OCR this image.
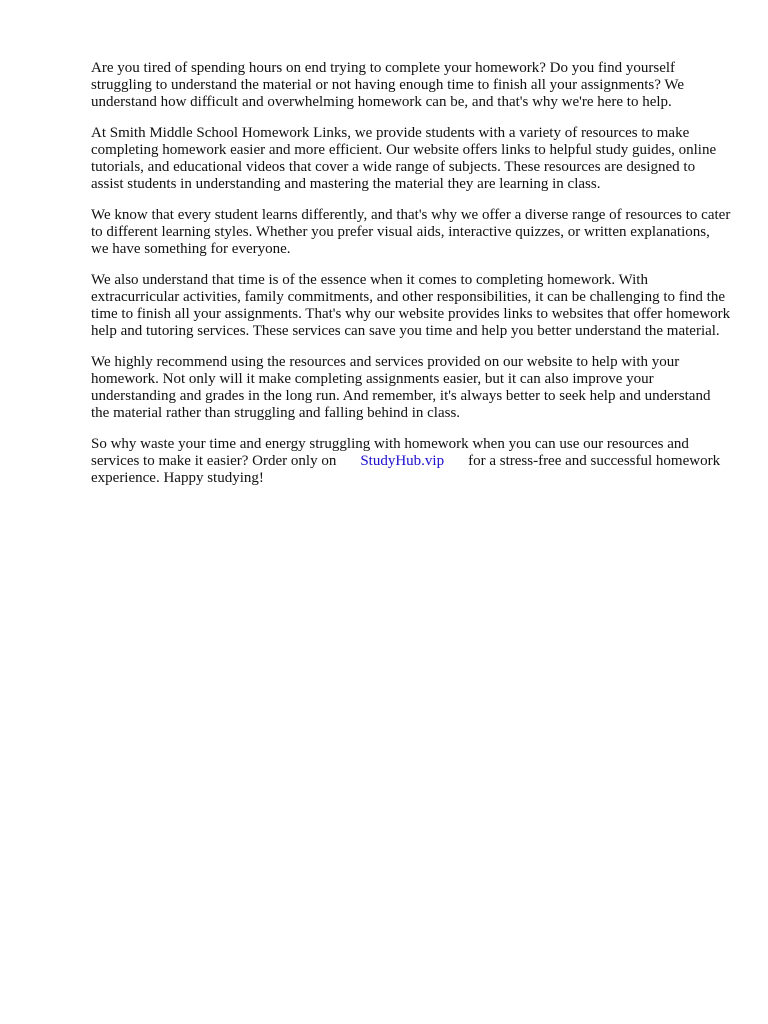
Are you tired of spending hours on end trying to complete your homework? Do you find yourself struggling to understand the material or not having enough time to finish all your assignments? We understand how difficult and overwhelming homework can be, and that's why we're here to help.

At Smith Middle School Homework Links, we provide students with a variety of resources to make completing homework easier and more efficient. Our website offers links to helpful study guides, online tutorials, and educational videos that cover a wide range of subjects. These resources are designed to assist students in understanding and mastering the material they are learning in class.

We know that every student learns differently, and that's why we offer a diverse range of resources to cater to different learning styles. Whether you prefer visual aids, interactive quizzes, or written explanations, we have something for everyone.

We also understand that time is of the essence when it comes to completing homework. With extracurricular activities, family commitments, and other responsibilities, it can be challenging to find the time to finish all your assignments. That's why our website provides links to websites that offer homework help and tutoring services. These services can save you time and help you better understand the material.

We highly recommend using the resources and services provided on our website to help with your homework. Not only will it make completing assignments easier, but it can also improve your understanding and grades in the long run. And remember, it's always better to seek help and understand the material rather than struggling and falling behind in class.

So why waste your time and energy struggling with homework when you can use our resources and services to make it easier? Order only on StudyHub.vip for a stress-free and successful homework experience. Happy studying!
